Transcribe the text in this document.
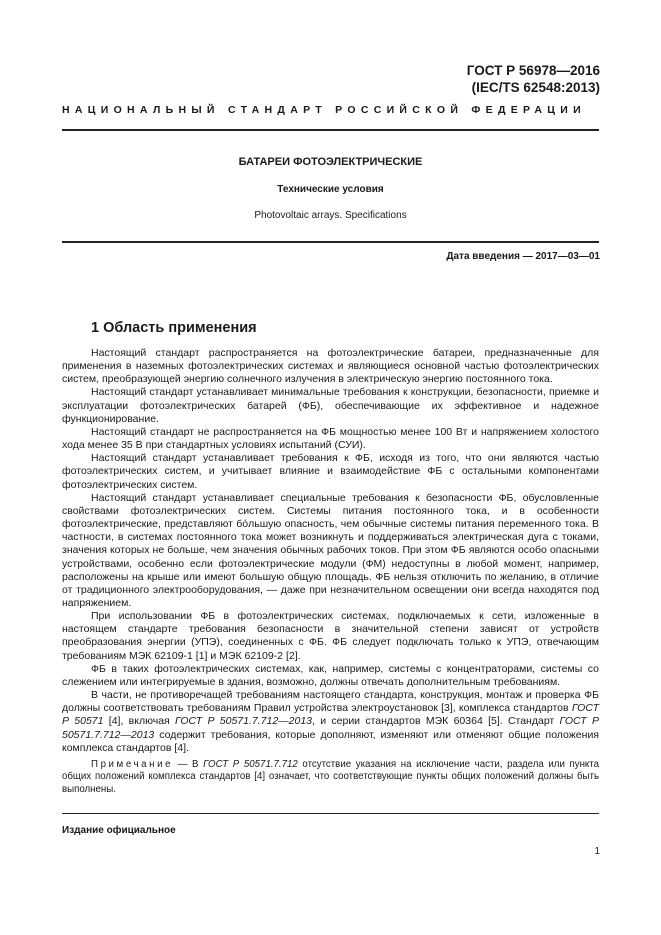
ГОСТ Р 56978—2016
(IEC/TS 62548:2013)
НАЦИОНАЛЬНЫЙ СТАНДАРТ РОССИЙСКОЙ ФЕДЕРАЦИИ
БАТАРЕИ ФОТОЭЛЕКТРИЧЕСКИЕ
Технические условия
Photovoltaic arrays. Specifications
Дата введения — 2017—03—01
1 Область применения

Настоящий стандарт распространяется на фотоэлектрические батареи, предназначенные для применения в наземных фотоэлектрических системах и являющиеся основной частью фотоэлектрических систем, преобразующей энергию солнечного излучения в электрическую энергию постоянного тока.

Настоящий стандарт устанавливает минимальные требования к конструкции, безопасности, приемке и эксплуатации фотоэлектрических батарей (ФБ), обеспечивающие их эффективное и надежное функционирование.

Настоящий стандарт не распространяется на ФБ мощностью менее 100 Вт и напряжением холостого хода менее 35 В при стандартных условиях испытаний (СУИ).

Настоящий стандарт устанавливает требования к ФБ, исходя из того, что они являются частью фотоэлектрических систем, и учитывает влияние и взаимодействие ФБ с остальными компонентами фотоэлектрических систем.

Настоящий стандарт устанавливает специальные требования к безопасности ФБ, обусловленные свойствами фотоэлектрических систем. Системы питания постоянного тока, и в особенности фотоэлектрические, представляют бóльшую опасность, чем обычные системы питания переменного тока. В частности, в системах постоянного тока может возникнуть и поддерживаться электрическая дуга с токами, значения которых не больше, чем значения обычных рабочих токов. При этом ФБ являются особо опасными устройствами, особенно если фотоэлектрические модули (ФМ) недоступны в любой момент, например, расположены на крыше или имеют большую общую площадь. ФБ нельзя отключить по желанию, в отличие от традиционного электрооборудования, — даже при незначительном освещении они всегда находятся под напряжением.

При использовании ФБ в фотоэлектрических системах, подключаемых к сети, изложенные в настоящем стандарте требования безопасности в значительной степени зависят от устройств преобразования энергии (УПЭ), соединенных с ФБ. ФБ следует подключать только к УПЭ, отвечающим требованиям МЭК 62109-1 [1] и МЭК 62109-2 [2].

ФБ в таких фотоэлектрических системах, как, например, системы с концентраторами, системы со слежением или интегрируемые в здания, возможно, должны отвечать дополнительным требованиям.

В части, не противоречащей требованиям настоящего стандарта, конструкция, монтаж и проверка ФБ должны соответствовать требованиям Правил устройства электроустановок [3], комплекса стандартов ГОСТ Р 50571 [4], включая ГОСТ Р 50571.7.712—2013, и серии стандартов МЭК 60364 [5]. Стандарт ГОСТ Р 50571.7.712—2013 содержит требования, которые дополняют, изменяют или отменяют общие положения комплекса стандартов [4].

Примечание — В ГОСТ Р 50571.7.712 отсутствие указания на исключение части, раздела или пункта общих положений комплекса стандартов [4] означает, что соответствующие пункты общих положений должны быть выполнены.

Издание официальное
1
